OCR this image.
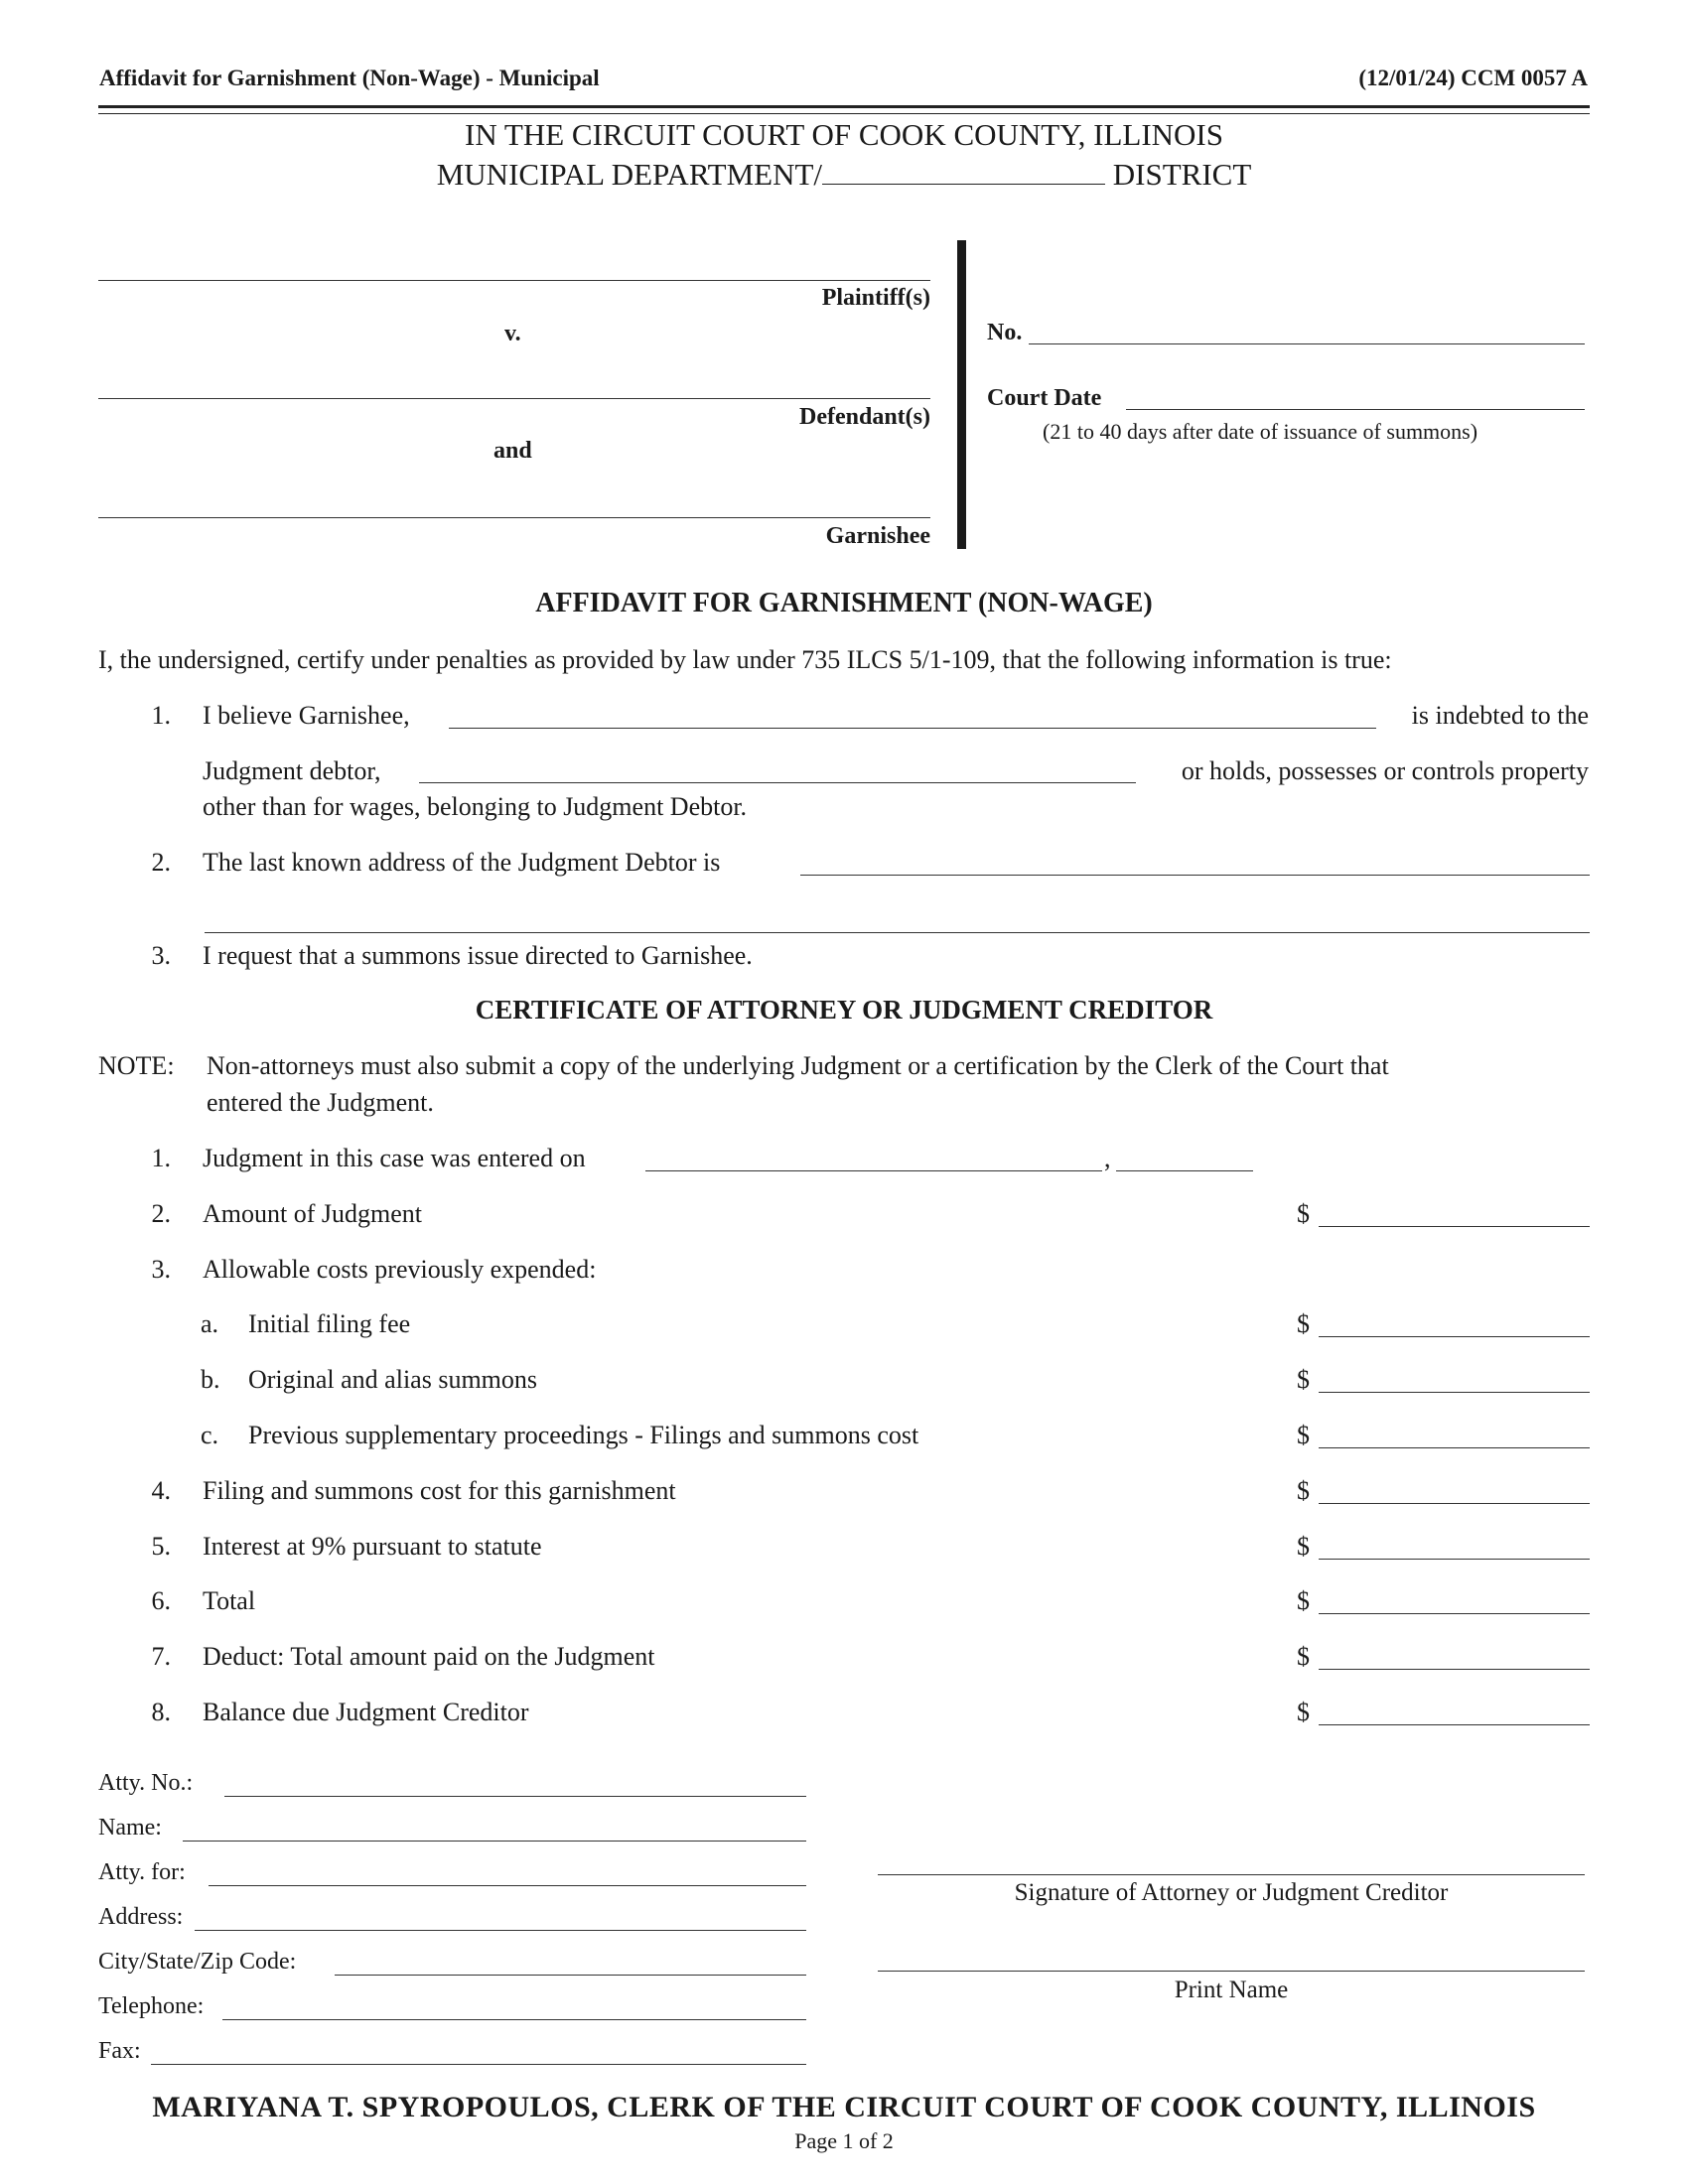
Affidavit for Garnishment (Non-Wage) - Municipal	(12/01/24) CCM 0057 A
IN THE CIRCUIT COURT OF COOK COUNTY, ILLINOIS
MUNICIPAL DEPARTMENT/	DISTRICT
Plaintiff(s)
v.
Defendant(s)
and
Garnishee
No.
Court Date
(21 to 40 days after date of issuance of summons)
AFFIDAVIT FOR GARNISHMENT (NON-WAGE)
I, the undersigned, certify under penalties as provided by law under 735 ILCS 5/1-109, that the following information is true:
1. I believe Garnishee,	is indebted to the
Judgment debtor,	or holds, possesses or controls property
other than for wages, belonging to Judgment Debtor.
2. The last known address of the Judgment Debtor is
3. I request that a summons issue directed to Garnishee.
CERTIFICATE OF ATTORNEY OR JUDGMENT CREDITOR
NOTE: Non-attorneys must also submit a copy of the underlying Judgment or a certification by the Clerk of the Court that
entered the Judgment.
1. Judgment in this case was entered on	,
2. Amount of Judgment	$
3. Allowable costs previously expended:
a. Initial filing fee	$
b. Original and alias summons	$
c. Previous supplementary proceedings - Filings and summons cost	$
4. Filing and summons cost for this garnishment	$
5. Interest at 9% pursuant to statute	$
6. Total	$
7. Deduct: Total amount paid on the Judgment	$
8. Balance due Judgment Creditor	$
Atty. No.:
Name:
Atty. for:
Address:
City/State/Zip Code:
Telephone:
Fax:
Signature of Attorney or Judgment Creditor
Print Name
MARIYANA T. SPYROPOULOS, CLERK OF THE CIRCUIT COURT OF COOK COUNTY, ILLINOIS
Page 1 of 2
